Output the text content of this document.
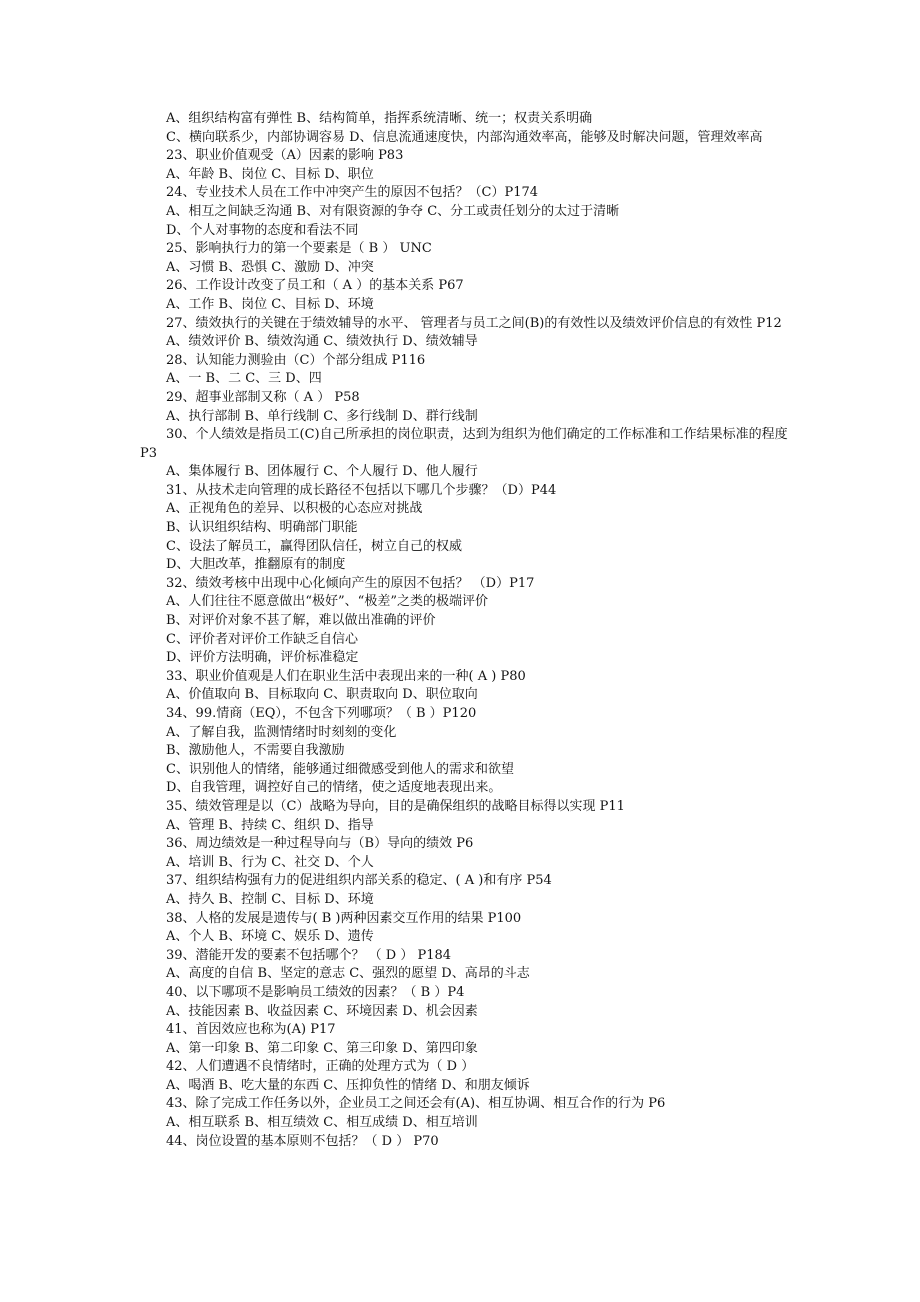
A、组织结构富有弹性 B、结构简单，指挥系统清晰、统一；权责关系明确

C、横向联系少，内部协调容易 D、信息流通速度快，内部沟通效率高，能够及时解决问题，管理效率高

23、职业价值观受（A）因素的影响 P83

A、年龄 B、岗位 C、目标 D、职位

24、专业技术人员在工作中冲突产生的原因不包括？（C）P174

A、相互之间缺乏沟通 B、对有限资源的争夺 C、分工或责任划分的太过于清晰

D、个人对事物的态度和看法不同

25、影响执行力的第一个要素是（ B ） UNC

A、习惯 B、恐惧 C、激励 D、冲突

26、工作设计改变了员工和（ A ）的基本关系 P67

A、工作 B、岗位 C、目标 D、环境

27、绩效执行的关键在于绩效辅导的水平、 管理者与员工之间(B)的有效性以及绩效评价信息的有效性 P12

A、绩效评价 B、绩效沟通 C、绩效执行 D、绩效辅导

28、认知能力测验由（C）个部分组成 P116

A、一 B、二 C、三 D、四

29、超事业部制又称（ A ） P58

A、执行部制 B、单行线制 C、多行线制 D、群行线制

30、个人绩效是指员工(C)自己所承担的岗位职责，达到为组织为他们确定的工作标准和工作结果标准的程度 P3

A、集体履行 B、团体履行 C、个人履行 D、他人履行

31、从技术走向管理的成长路径不包括以下哪几个步骤？（D）P44

A、正视角色的差异、以积极的心态应对挑战

B、认识组织结构、明确部门职能

C、设法了解员工，赢得团队信任，树立自己的权威

D、大胆改革，推翻原有的制度

32、绩效考核中出现中心化倾向产生的原因不包括？ （D）P17

A、人们往往不愿意做出“极好”、“极差”之类的极端评价

B、对评价对象不甚了解，难以做出准确的评价

C、评价者对评价工作缺乏自信心

D、评价方法明确，评价标准稳定

33、职业价值观是人们在职业生活中表现出来的一种( A ) P80

A、价值取向 B、目标取向 C、职责取向 D、职位取向

34、99.情商（EQ），不包含下列哪项？（ B ）P120

A、了解自我，监测情绪时时刻刻的变化

B、激励他人，不需要自我激励

C、识别他人的情绪，能够通过细微感受到他人的需求和欲望

D、自我管理，调控好自己的情绪，使之适度地表现出来。

35、绩效管理是以（C）战略为导向，目的是确保组织的战略目标得以实现 P11

A、管理 B、持续 C、组织 D、指导

36、周边绩效是一种过程导向与（B）导向的绩效 P6

A、培训 B、行为 C、社交 D、个人

37、组织结构强有力的促进组织内部关系的稳定、( A )和有序 P54

A、持久 B、控制 C、目标 D、环境

38、人格的发展是遗传与( B )两种因素交互作用的结果 P100

A、个人 B、环境 C、娱乐 D、遗传

39、潜能开发的要素不包括哪个？ （ D ） P184

A、高度的自信 B、坚定的意志 C、强烈的愿望 D、高昂的斗志

40、以下哪项不是影响员工绩效的因素？（ B ）P4

A、技能因素 B、收益因素 C、环境因素 D、机会因素

41、首因效应也称为(A) P17

A、第一印象 B、第二印象 C、第三印象 D、第四印象

42、人们遭遇不良情绪时，正确的处理方式为（ D ）

A、喝酒 B、吃大量的东西 C、压抑负性的情绪 D、和朋友倾诉

43、除了完成工作任务以外，企业员工之间还会有(A)、相互协调、相互合作的行为 P6

A、相互联系 B、相互绩效 C、相互成绩 D、相互培训

44、岗位设置的基本原则不包括？（ D ） P70
